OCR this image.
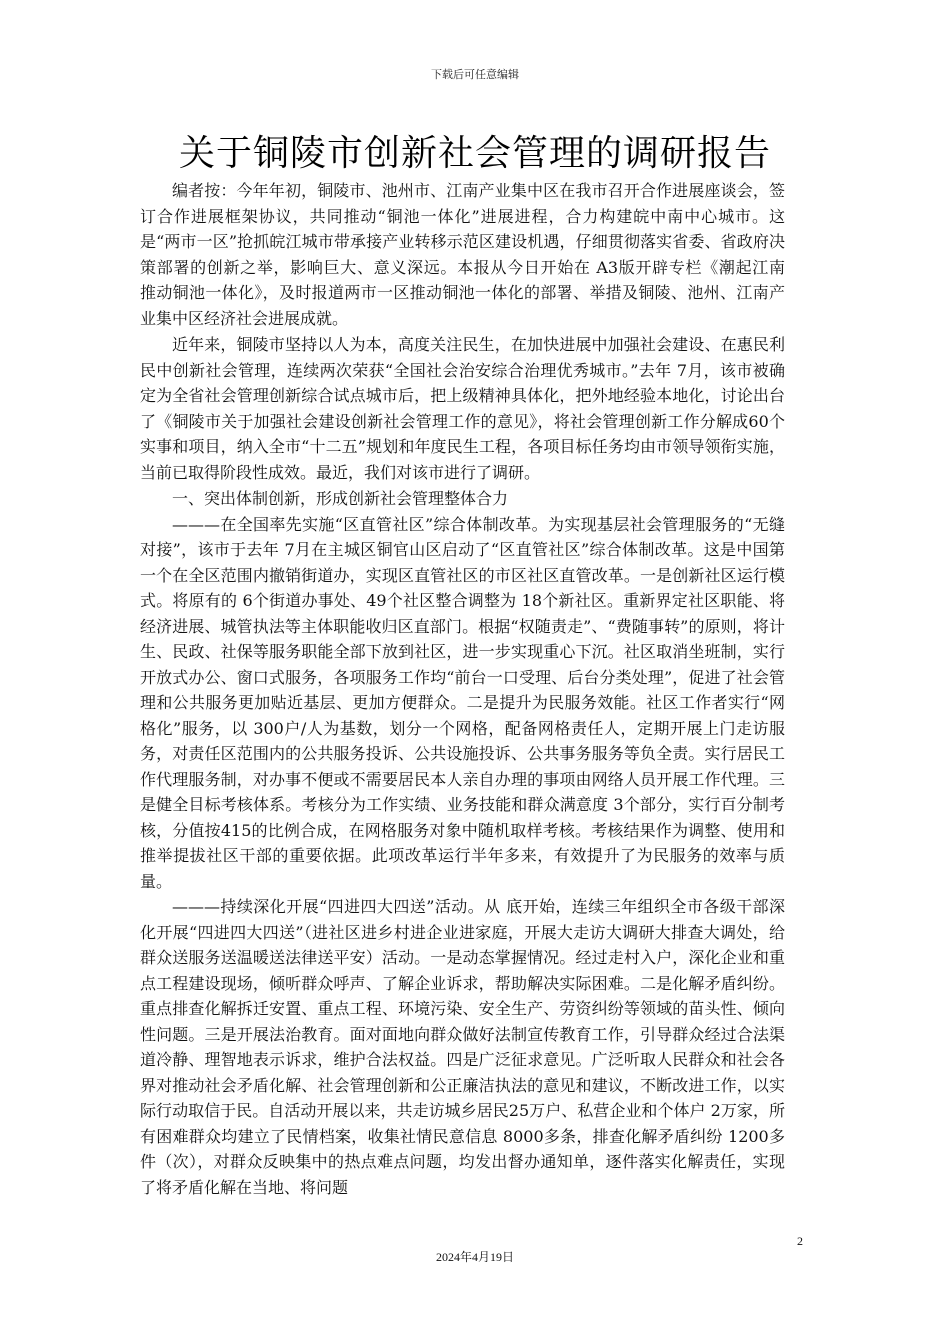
下载后可任意编辑
关于铜陵市创新社会管理的调研报告

编者按：今年年初，铜陵市、池州市、江南产业集中区在我市召开合作进展座谈会，签订合作进展框架协议，共同推动“铜池一体化”进展进程，合力构建皖中南中心城市。这是“两市一区”抢抓皖江城市带承接产业转移示范区建设机遇，仔细贯彻落实省委、省政府决策部署的创新之举，影响巨大、意义深远。本报从今日开始在 A3版开辟专栏《潮起江南　　推动铜池一体化》，及时报道两市一区推动铜池一体化的部署、举措及铜陵、池州、江南产业集中区经济社会进展成就。

近年来，铜陵市坚持以人为本，高度关注民生，在加快进展中加强社会建设、在惠民利民中创新社会管理，连续两次荣获“全国社会治安综合治理优秀城市。”去年 7月，该市被确定为全省社会管理创新综合试点城市后，把上级精神具体化，把外地经验本地化，讨论出台了《铜陵市关于加强社会建设创新社会管理工作的意见》，将社会管理创新工作分解成60个实事和项目，纳入全市“十二五”规划和年度民生工程，各项目标任务均由市领导领衔实施，当前已取得阶段性成效。最近，我们对该市进行了调研。

一、突出体制创新，形成创新社会管理整体合力

———在全国率先实施“区直管社区”综合体制改革。为实现基层社会管理服务的“无缝对接”，该市于去年 7月在主城区铜官山区启动了“区直管社区”综合体制改革。这是中国第一个在全区范围内撤销街道办，实现区直管社区的市区社区直管改革。一是创新社区运行模式。将原有的 6个街道办事处、49个社区整合调整为 18个新社区。重新界定社区职能、将经济进展、城管执法等主体职能收归区直部门。根据“权随责走”、“费随事转”的原则，将计生、民政、社保等服务职能全部下放到社区，进一步实现重心下沉。社区取消坐班制，实行开放式办公、窗口式服务，各项服务工作均“前台一口受理、后台分类处理”，促进了社会管理和公共服务更加贴近基层、更加方便群众。二是提升为民服务效能。社区工作者实行“网格化”服务，以 300户/人为基数，划分一个网格，配备网格责任人，定期开展上门走访服务，对责任区范围内的公共服务投诉、公共设施投诉、公共事务服务等负全责。实行居民工作代理服务制，对办事不便或不需要居民本人亲自办理的事项由网络人员开展工作代理。三是健全目标考核体系。考核分为工作实绩、业务技能和群众满意度 3个部分，实行百分制考核，分值按415的比例合成，在网格服务对象中随机取样考核。考核结果作为调整、使用和推举提拔社区干部的重要依据。此项改革运行半年多来，有效提升了为民服务的效率与质量。

———持续深化开展“四进四大四送”活动。从 底开始，连续三年组织全市各级干部深化开展“四进四大四送”（进社区进乡村进企业进家庭，开展大走访大调研大排查大调处，给群众送服务送温暖送法律送平安）活动。一是动态掌握情况。经过走村入户，深化企业和重点工程建设现场，倾听群众呼声、了解企业诉求，帮助解决实际困难。二是化解矛盾纠纷。重点排查化解拆迁安置、重点工程、环境污染、安全生产、劳资纠纷等领域的苗头性、倾向性问题。三是开展法治教育。面对面地向群众做好法制宣传教育工作，引导群众经过合法渠道冷静、理智地表示诉求，维护合法权益。四是广泛征求意见。广泛听取人民群众和社会各界对推动社会矛盾化解、社会管理创新和公正廉洁执法的意见和建议，不断改进工作，以实际行动取信于民。自活动开展以来，共走访城乡居民25万户、私营企业和个体户 2万家，所有困难群众均建立了民情档案，收集社情民意信息 8000多条，排查化解矛盾纠纷 1200多件（次），对群众反映集中的热点难点问题，均发出督办通知单，逐件落实化解责任，实现了将矛盾化解在当地、将问题

2
2024年4月19日
